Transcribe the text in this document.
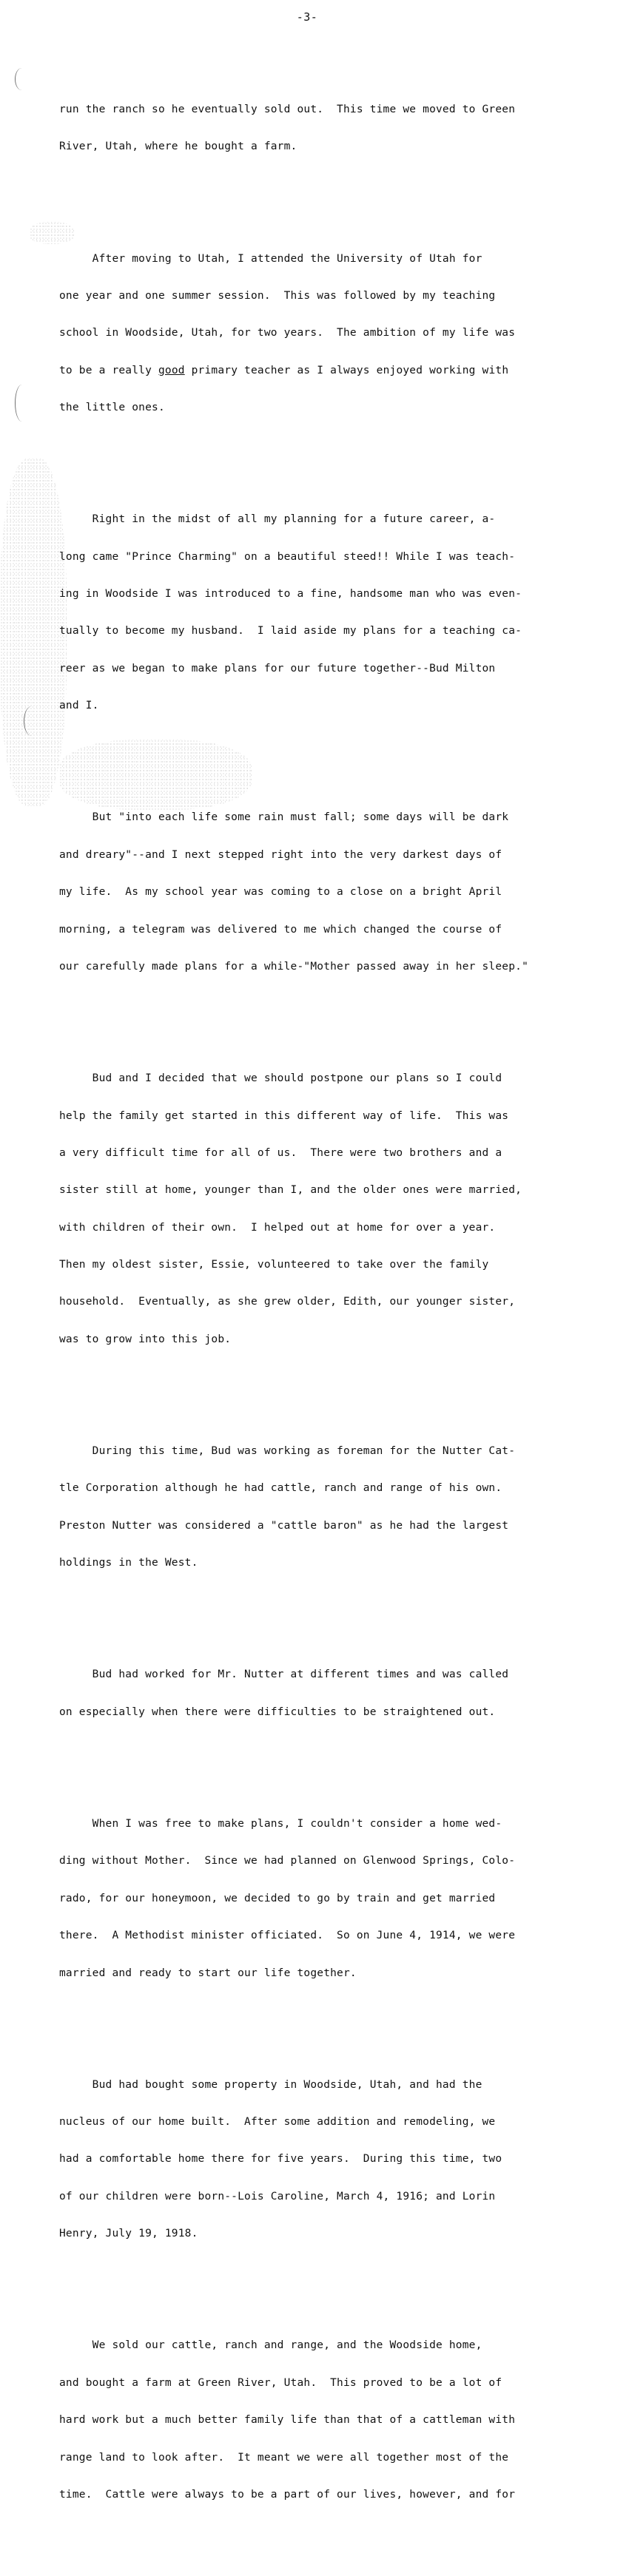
-3-

run the ranch so he eventually sold out.  This time we moved to Green

River, Utah, where he bought a farm.

After moving to Utah, I attended the University of Utah for

one year and one summer session.  This was followed by my teaching

school in Woodside, Utah, for two years.  The ambition of my life was

to be a really good primary teacher as I always enjoyed working with

the little ones.

Right in the midst of all my planning for a future career, a-

long came "Prince Charming" on a beautiful steed!! While I was teach-

ing in Woodside I was introduced to a fine, handsome man who was even-

tually to become my husband.  I laid aside my plans for a teaching ca-

reer as we began to make plans for our future together--Bud Milton

and I.

But "into each life some rain must fall; some days will be dark

and dreary"--and I next stepped right into the very darkest days of

my life.  As my school year was coming to a close on a bright April

morning, a telegram was delivered to me which changed the course of

our carefully made plans for a while-"Mother passed away in her sleep."

Bud and I decided that we should postpone our plans so I could

help the family get started in this different way of life.  This was

a very difficult time for all of us.  There were two brothers and a

sister still at home, younger than I, and the older ones were married,

with children of their own.  I helped out at home for over a year.

Then my oldest sister, Essie, volunteered to take over the family

household.  Eventually, as she grew older, Edith, our younger sister,

was to grow into this job.

During this time, Bud was working as foreman for the Nutter Cat-

tle Corporation although he had cattle, ranch and range of his own.

Preston Nutter was considered a "cattle baron" as he had the largest

holdings in the West.

Bud had worked for Mr. Nutter at different times and was called

on especially when there were difficulties to be straightened out.

When I was free to make plans, I couldn't consider a home wed-

ding without Mother.  Since we had planned on Glenwood Springs, Colo-

rado, for our honeymoon, we decided to go by train and get married

there.  A Methodist minister officiated.  So on June 4, 1914, we were

married and ready to start our life together.

Bud had bought some property in Woodside, Utah, and had the

nucleus of our home built.  After some addition and remodeling, we

had a comfortable home there for five years.  During this time, two

of our children were born--Lois Caroline, March 4, 1916; and Lorin

Henry, July 19, 1918.

We sold our cattle, ranch and range, and the Woodside home,

and bought a farm at Green River, Utah.  This proved to be a lot of

hard work but a much better family life than that of a cattleman with

range land to look after.  It meant we were all together most of the

time.  Cattle were always to be a part of our lives, however, and for
